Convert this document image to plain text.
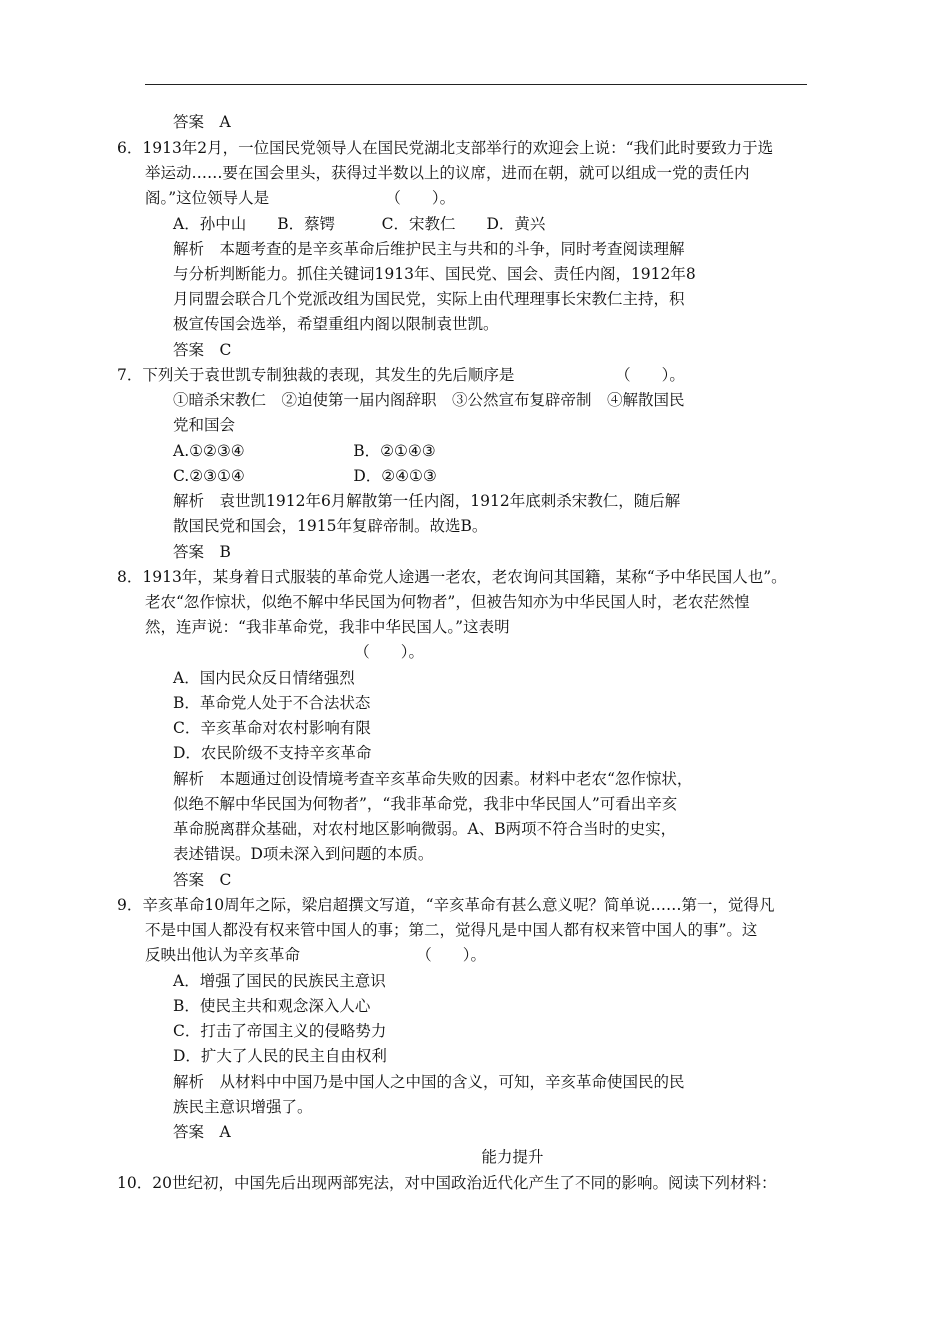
答案　A
6．1913年2月，一位国民党领导人在国民党湖北支部举行的欢迎会上说：“我们此时要致力于选
举运动……要在国会里头，获得过半数以上的议席，进而在朝，就可以组成一党的责任内
阁。”这位领导人是　　　　　　　　（　　）。
A．孙中山　　B．蔡锷　　　C．宋教仁　　D．黄兴
解析　本题考查的是辛亥革命后维护民主与共和的斗争，同时考查阅读理解
与分析判断能力。抓住关键词1913年、国民党、国会、责任内阁，1912年8
月同盟会联合几个党派改组为国民党，实际上由代理理事长宋教仁主持，积
极宣传国会选举，希望重组内阁以限制袁世凯。
答案　C
7．下列关于袁世凯专制独裁的表现，其发生的先后顺序是　　　　　　　（　　）。
①暗杀宋教仁　②迫使第一届内阁辞职　③公然宣布复辟帝制　④解散国民
党和国会
A.①②③④　　　　　　　B．②①④③
C.②③①④　　　　　　　D．②④①③
解析　袁世凯1912年6月解散第一任内阁，1912年底刺杀宋教仁，随后解
散国民党和国会，1915年复辟帝制。故选B。
答案　B
8．1913年，某身着日式服装的革命党人途遇一老农，老农询问其国籍，某称“予中华民国人也”。
老农“忽作惊状，似绝不解中华民国为何物者”，但被告知亦为中华民国人时，老农茫然惶
然，连声说：“我非革命党，我非中华民国人。”这表明
　　　　　　　　　　　　　　（　　）。
A．国内民众反日情绪强烈
B．革命党人处于不合法状态
C．辛亥革命对农村影响有限
D．农民阶级不支持辛亥革命
解析　本题通过创设情境考查辛亥革命失败的因素。材料中老农“忽作惊状，
似绝不解中华民国为何物者”，“我非革命党，我非中华民国人”可看出辛亥
革命脱离群众基础，对农村地区影响微弱。A、B两项不符合当时的史实，
表述错误。D项未深入到问题的本质。
答案　C
9．辛亥革命10周年之际，梁启超撰文写道，“辛亥革命有甚么意义呢？简单说……第一，觉得凡
不是中国人都没有权来管中国人的事；第二，觉得凡是中国人都有权来管中国人的事”。这
反映出他认为辛亥革命　　　　　　　　（　　）。
A．增强了国民的民族民主意识
B．使民主共和观念深入人心
C．打击了帝国主义的侵略势力
D．扩大了人民的民主自由权利
解析　从材料中中国乃是中国人之中国的含义，可知，辛亥革命使国民的民
族民主意识增强了。
答案　A
能力提升
10．20世纪初，中国先后出现两部宪法，对中国政治近代化产生了不同的影响。阅读下列材料：
